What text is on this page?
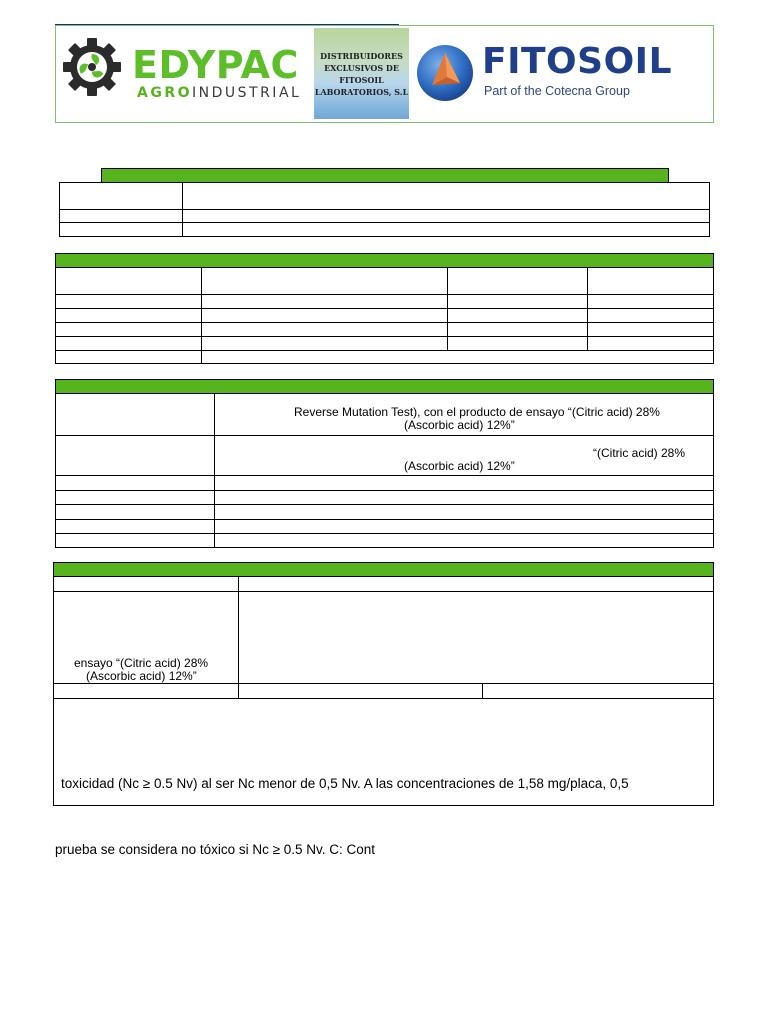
EDYPAC
AGROINDUSTRIAL
DISTRIBUIDORES
EXCLUSIVOS DE
FITOSOIL
LABORATORIOS, S.L
FITOSOIL
Part of the Cotecna Group
Reverse Mutation Test), con el producto de ensayo “(Citric acid) 28%
(Ascorbic acid) 12%”
“(Citric acid) 28%
(Ascorbic acid) 12%”
ensayo “(Citric acid) 28%
(Ascorbic acid) 12%”
toxicidad (Nc ≥ 0.5 Nv) al ser Nc menor de 0,5 Nv. A las concentraciones de 1,58 mg/placa, 0,5
prueba se considera no tóxico si Nc ≥ 0.5 Nv. C: Cont
